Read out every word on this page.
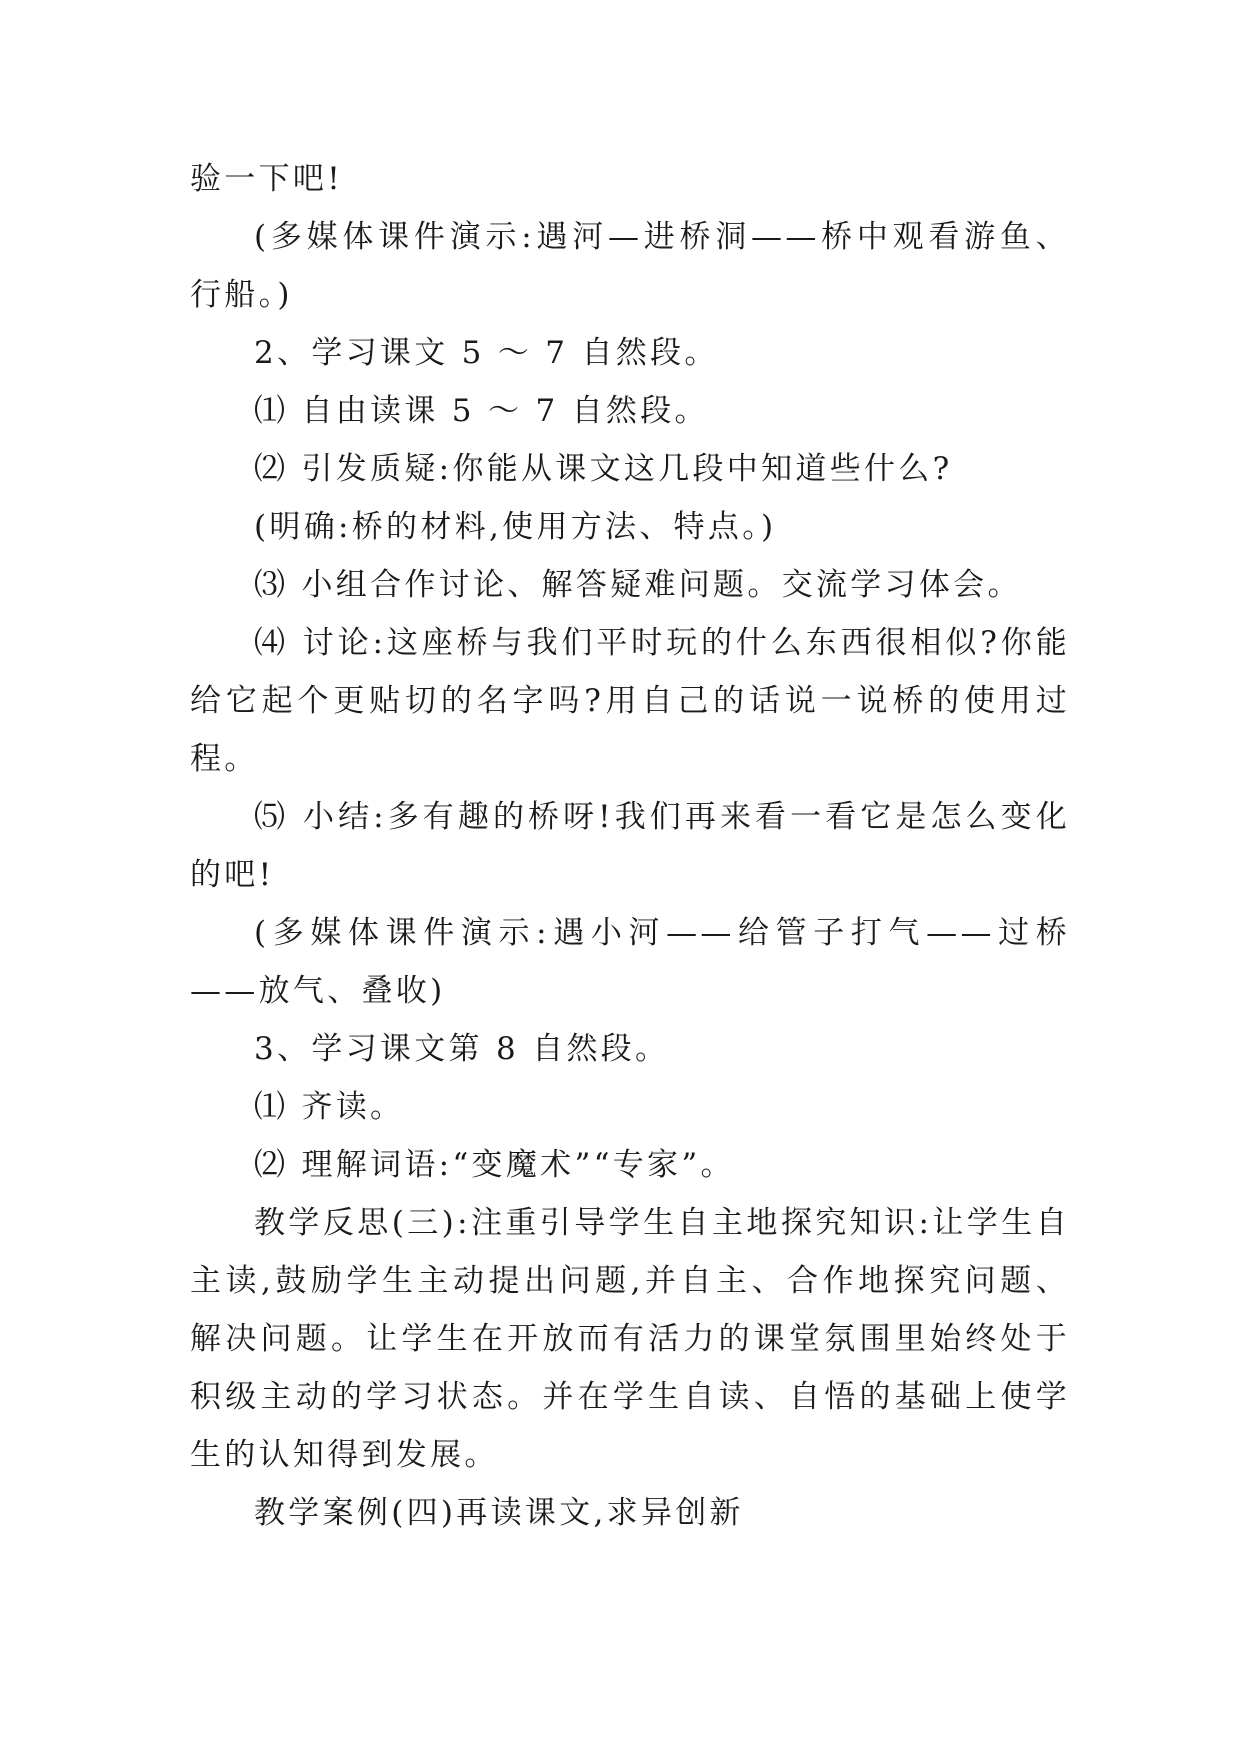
验一下吧!

(多媒体课件演示:遇河—进桥洞——桥中观看游鱼、行船。)

2、学习课文 5 ～ 7 自然段。

⑴ 自由读课 5 ～ 7 自然段。

⑵ 引发质疑:你能从课文这几段中知道些什么?

(明确:桥的材料,使用方法、特点。)

⑶ 小组合作讨论、解答疑难问题。交流学习体会。

⑷ 讨论:这座桥与我们平时玩的什么东西很相似?你能给它起个更贴切的名字吗?用自己的话说一说桥的使用过程。

⑸ 小结:多有趣的桥呀!我们再来看一看它是怎么变化的吧!

(多媒体课件演示:遇小河——给管子打气——过桥——放气、叠收)

3、学习课文第 8 自然段。

⑴ 齐读。

⑵ 理解词语:“变魔术”“专家”。

教学反思(三):注重引导学生自主地探究知识:让学生自主读,鼓励学生主动提出问题,并自主、合作地探究问题、解决问题。让学生在开放而有活力的课堂氛围里始终处于积级主动的学习状态。并在学生自读、自悟的基础上使学生的认知得到发展。

教学案例(四)再读课文,求异创新
